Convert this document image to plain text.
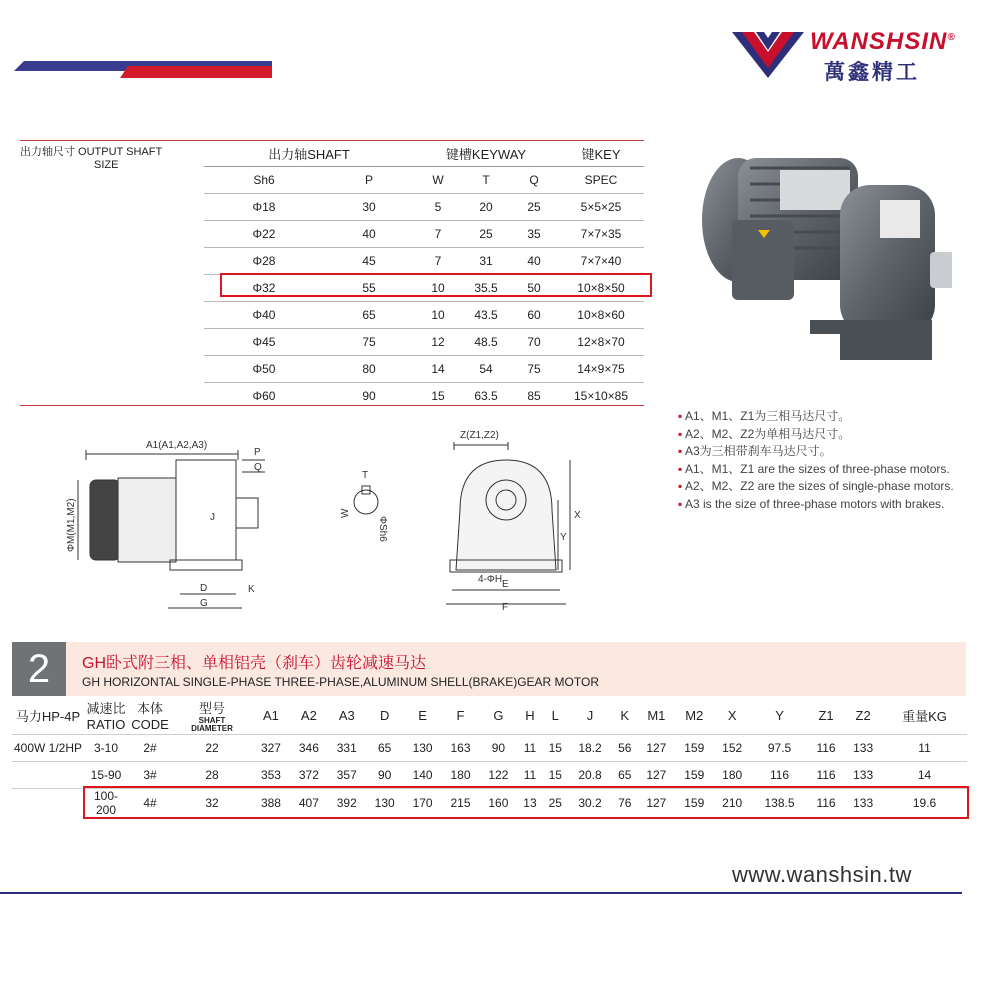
WANSHSIN®
萬鑫精工
出力轴尺寸 OUTPUT SHAFT
SIZE
出力轴SHAFT		键槽KEYWAY			键KEY
Sh6	P	W	T	Q	SPEC
Φ18	30	5	20	25	5×5×25
Φ22	40	7	25	35	7×7×35
Φ28	45	7	31	40	7×7×40
Φ32	55	10	35.5	50	10×8×50
Φ40	65	10	43.5	60	10×8×60
Φ45	75	12	48.5	70	12×8×70
Φ50	80	14	54	75	14×9×75
Φ60	90	15	63.5	85	15×10×85
▪ A1、M1、Z1为三相马达尺寸。
▪ A2、M2、Z2为单相马达尺寸。
▪ A3为三相带刹车马达尺寸。
▪ A1、M1、Z1 are the sizes of three-phase motors.
▪ A2、M2、Z2 are the sizes of single-phase motors.
▪ A3 is the size of three-phase motors with brakes.
A1(A1,A2,A3)
P
Q
J
ΦM(M1,M2)
D
G
K
T
W
ΦSh6
Z(Z1,Z2)
4-ΦH E
F
X
Y
2	GH卧式附三相、单相铝壳（刹车）齿轮减速马达
GH HORIZONTAL SINGLE-PHASE THREE-PHASE,ALUMINUM SHELL(BRAKE)GEAR MOTOR
马力HP-4P	减速比
RATIO	本体
CODE	型号
SHAFT
DIAMETER	A1	A2	A3	D	E	F	G	H	L	J	K	M1	M2	X	Y	Z1	Z2	重量KG
400W 1/2HP	3-10	2#	22	327	346	331	65	130	163	90	11	15	18.2	56	127	159	152	97.5	116	133	11
	15-90	3#	28	353	372	357	90	140	180	122	11	15	20.8	65	127	159	180	116	116	133	14
	100-200	4#	32	388	407	392	130	170	215	160	13	25	30.2	76	127	159	210	138.5	116	133	19.6
www.wanshsin.tw
